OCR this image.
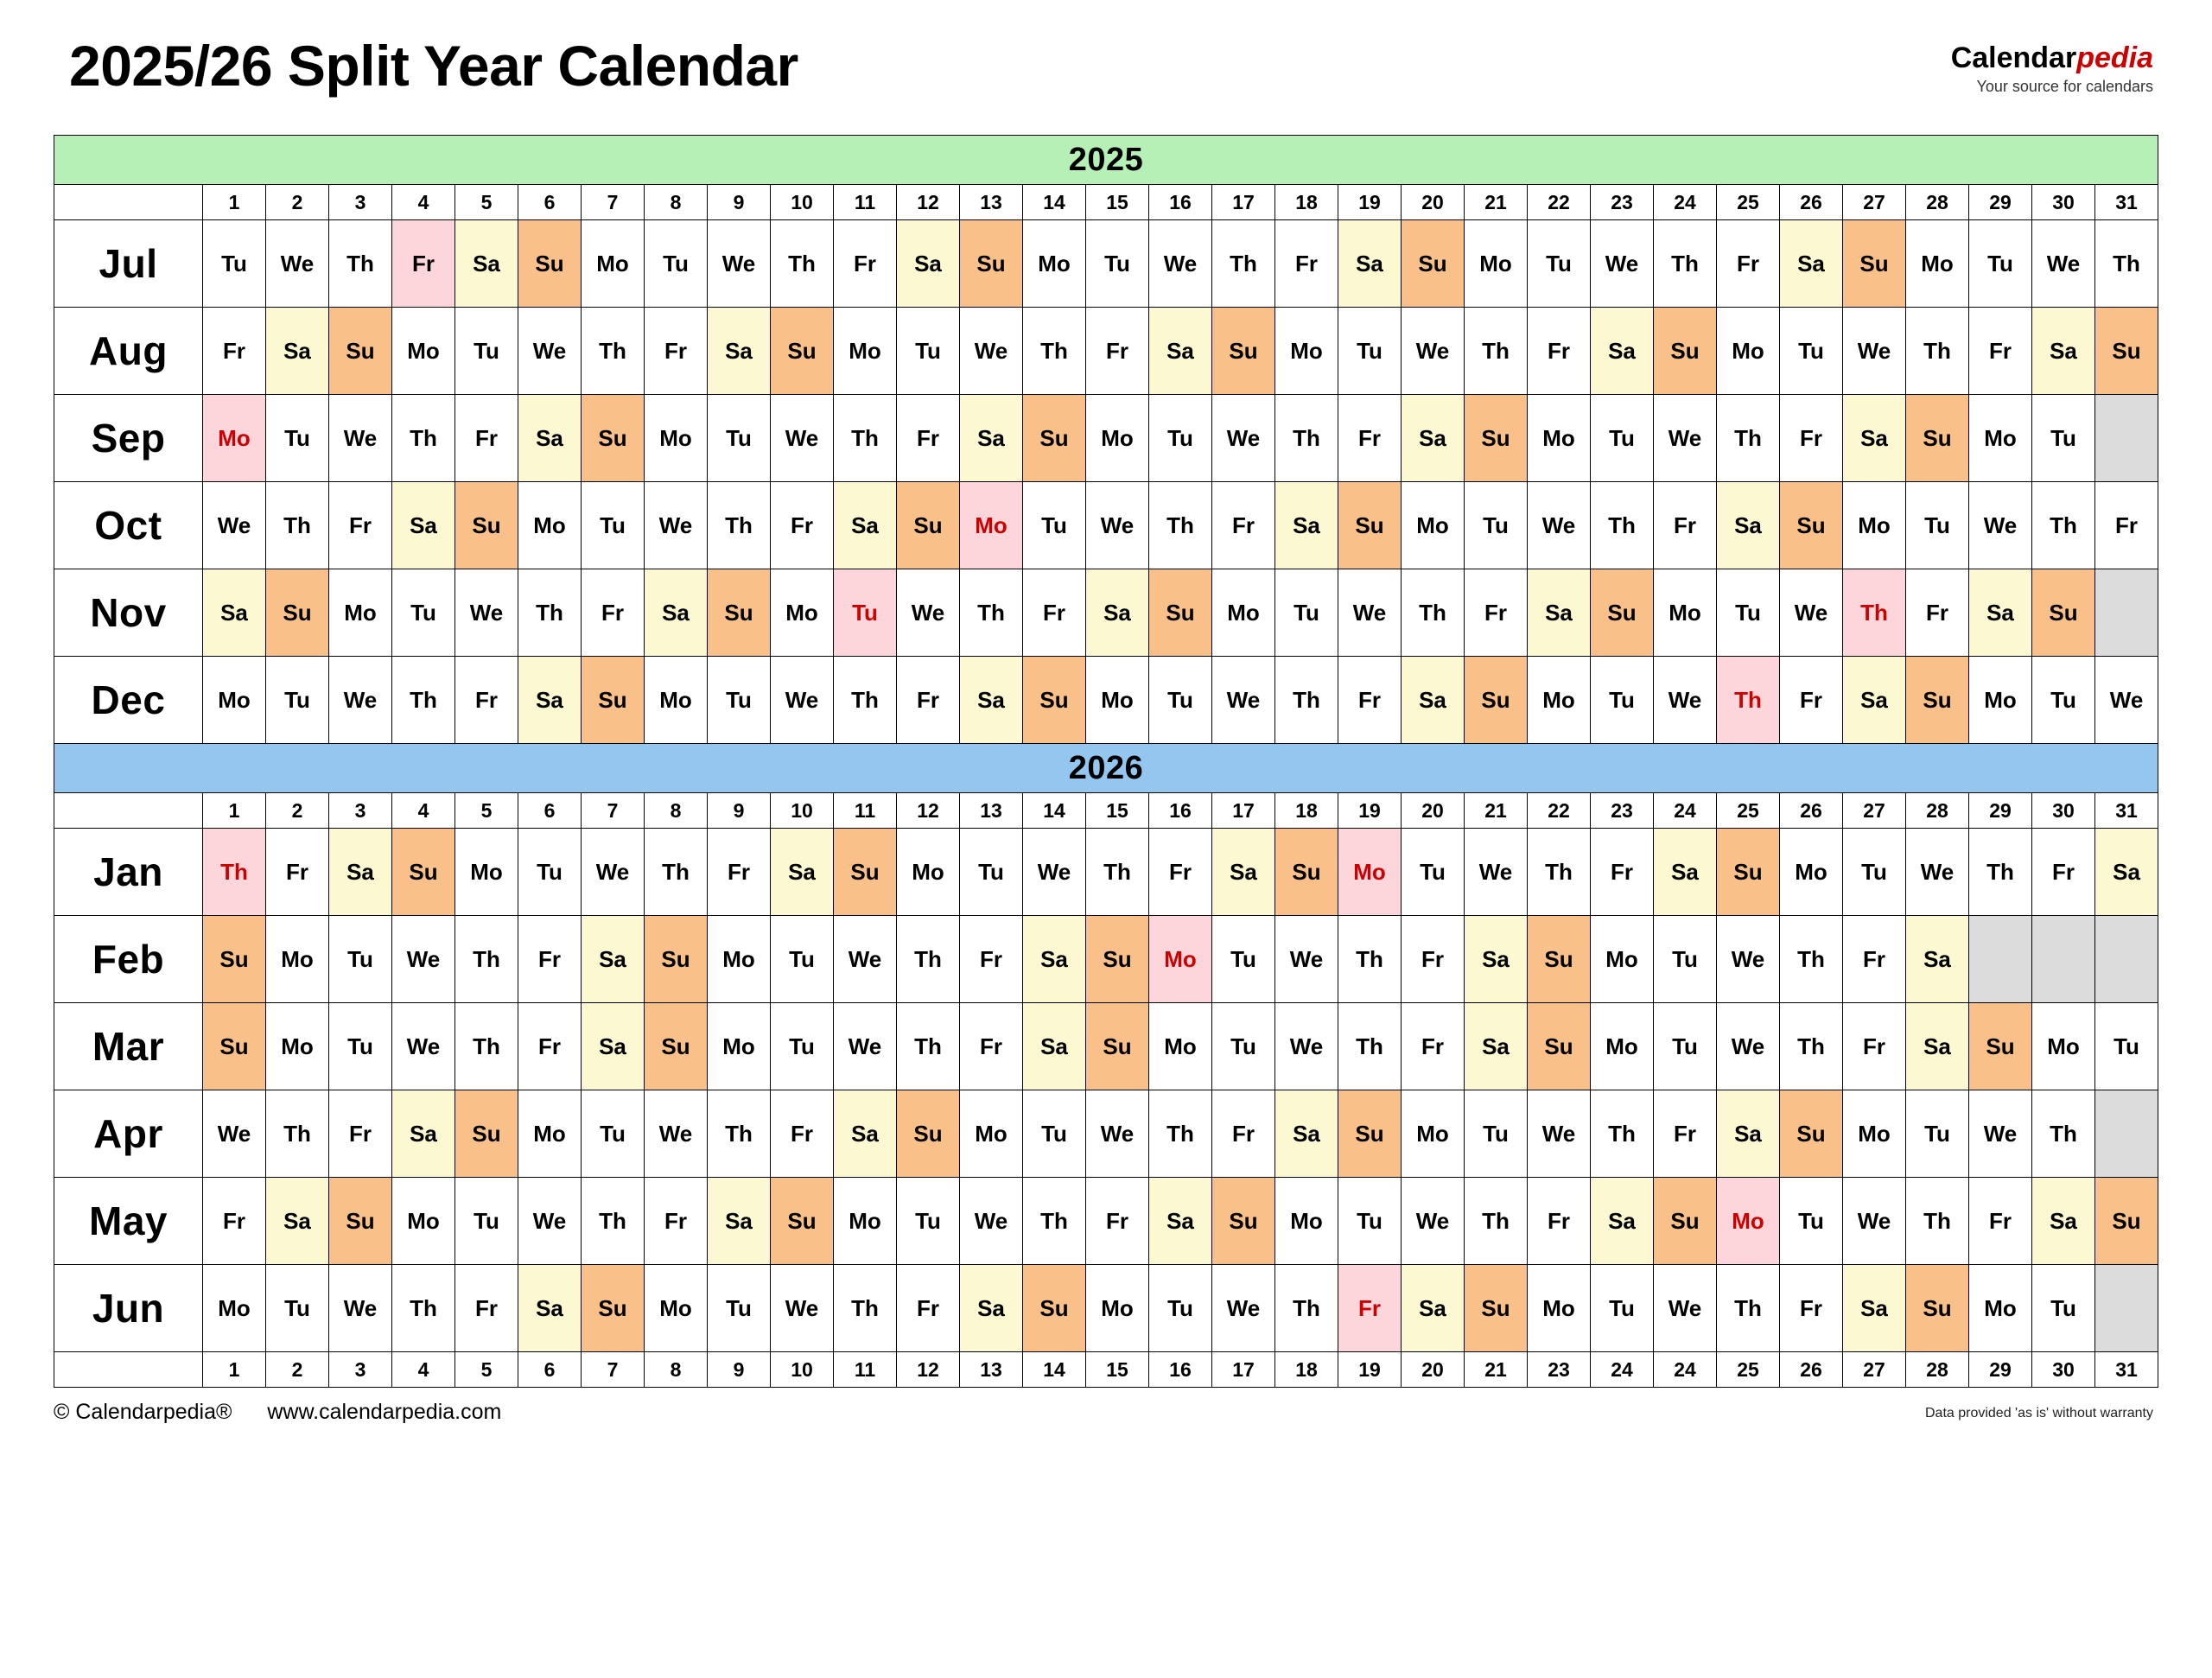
2025/26 Split Year Calendar	Calendarpedia
Your source for calendars
2025																															
	1	2	3	4	5	6	7	8	9	10	11	12	13	14	15	16	17	18	19	20	21	22	23	24	25	26	27	28	29	30	31
Jul	Tu	We	Th	Fr	Sa	Su	Mo	Tu	We	Th	Fr	Sa	Su	Mo	Tu	We	Th	Fr	Sa	Su	Mo	Tu	We	Th	Fr	Sa	Su	Mo	Tu	We	Th
Aug	Fr	Sa	Su	Mo	Tu	We	Th	Fr	Sa	Su	Mo	Tu	We	Th	Fr	Sa	Su	Mo	Tu	We	Th	Fr	Sa	Su	Mo	Tu	We	Th	Fr	Sa	Su
Sep	Mo	Tu	We	Th	Fr	Sa	Su	Mo	Tu	We	Th	Fr	Sa	Su	Mo	Tu	We	Th	Fr	Sa	Su	Mo	Tu	We	Th	Fr	Sa	Su	Mo	Tu	
Oct	We	Th	Fr	Sa	Su	Mo	Tu	We	Th	Fr	Sa	Su	Mo	Tu	We	Th	Fr	Sa	Su	Mo	Tu	We	Th	Fr	Sa	Su	Mo	Tu	We	Th	Fr
Nov	Sa	Su	Mo	Tu	We	Th	Fr	Sa	Su	Mo	Tu	We	Th	Fr	Sa	Su	Mo	Tu	We	Th	Fr	Sa	Su	Mo	Tu	We	Th	Fr	Sa	Su	
Dec	Mo	Tu	We	Th	Fr	Sa	Su	Mo	Tu	We	Th	Fr	Sa	Su	Mo	Tu	We	Th	Fr	Sa	Su	Mo	Tu	We	Th	Fr	Sa	Su	Mo	Tu	We
2026																															
	1	2	3	4	5	6	7	8	9	10	11	12	13	14	15	16	17	18	19	20	21	22	23	24	25	26	27	28	29	30	31
Jan	Th	Fr	Sa	Su	Mo	Tu	We	Th	Fr	Sa	Su	Mo	Tu	We	Th	Fr	Sa	Su	Mo	Tu	We	Th	Fr	Sa	Su	Mo	Tu	We	Th	Fr	Sa
Feb	Su	Mo	Tu	We	Th	Fr	Sa	Su	Mo	Tu	We	Th	Fr	Sa	Su	Mo	Tu	We	Th	Fr	Sa	Su	Mo	Tu	We	Th	Fr	Sa			
Mar	Su	Mo	Tu	We	Th	Fr	Sa	Su	Mo	Tu	We	Th	Fr	Sa	Su	Mo	Tu	We	Th	Fr	Sa	Su	Mo	Tu	We	Th	Fr	Sa	Su	Mo	Tu
Apr	We	Th	Fr	Sa	Su	Mo	Tu	We	Th	Fr	Sa	Su	Mo	Tu	We	Th	Fr	Sa	Su	Mo	Tu	We	Th	Fr	Sa	Su	Mo	Tu	We	Th	
May	Fr	Sa	Su	Mo	Tu	We	Th	Fr	Sa	Su	Mo	Tu	We	Th	Fr	Sa	Su	Mo	Tu	We	Th	Fr	Sa	Su	Mo	Tu	We	Th	Fr	Sa	Su
Jun	Mo	Tu	We	Th	Fr	Sa	Su	Mo	Tu	We	Th	Fr	Sa	Su	Mo	Tu	We	Th	Fr	Sa	Su	Mo	Tu	We	Th	Fr	Sa	Su	Mo	Tu	
	1	2	3	4	5	6	7	8	9	10	11	12	13	14	15	16	17	18	19	20	21	23	24	24	25	26	27	28	29	30	31
© Calendarpedia® www.calendarpedia.com	Data provided 'as is' without warranty
